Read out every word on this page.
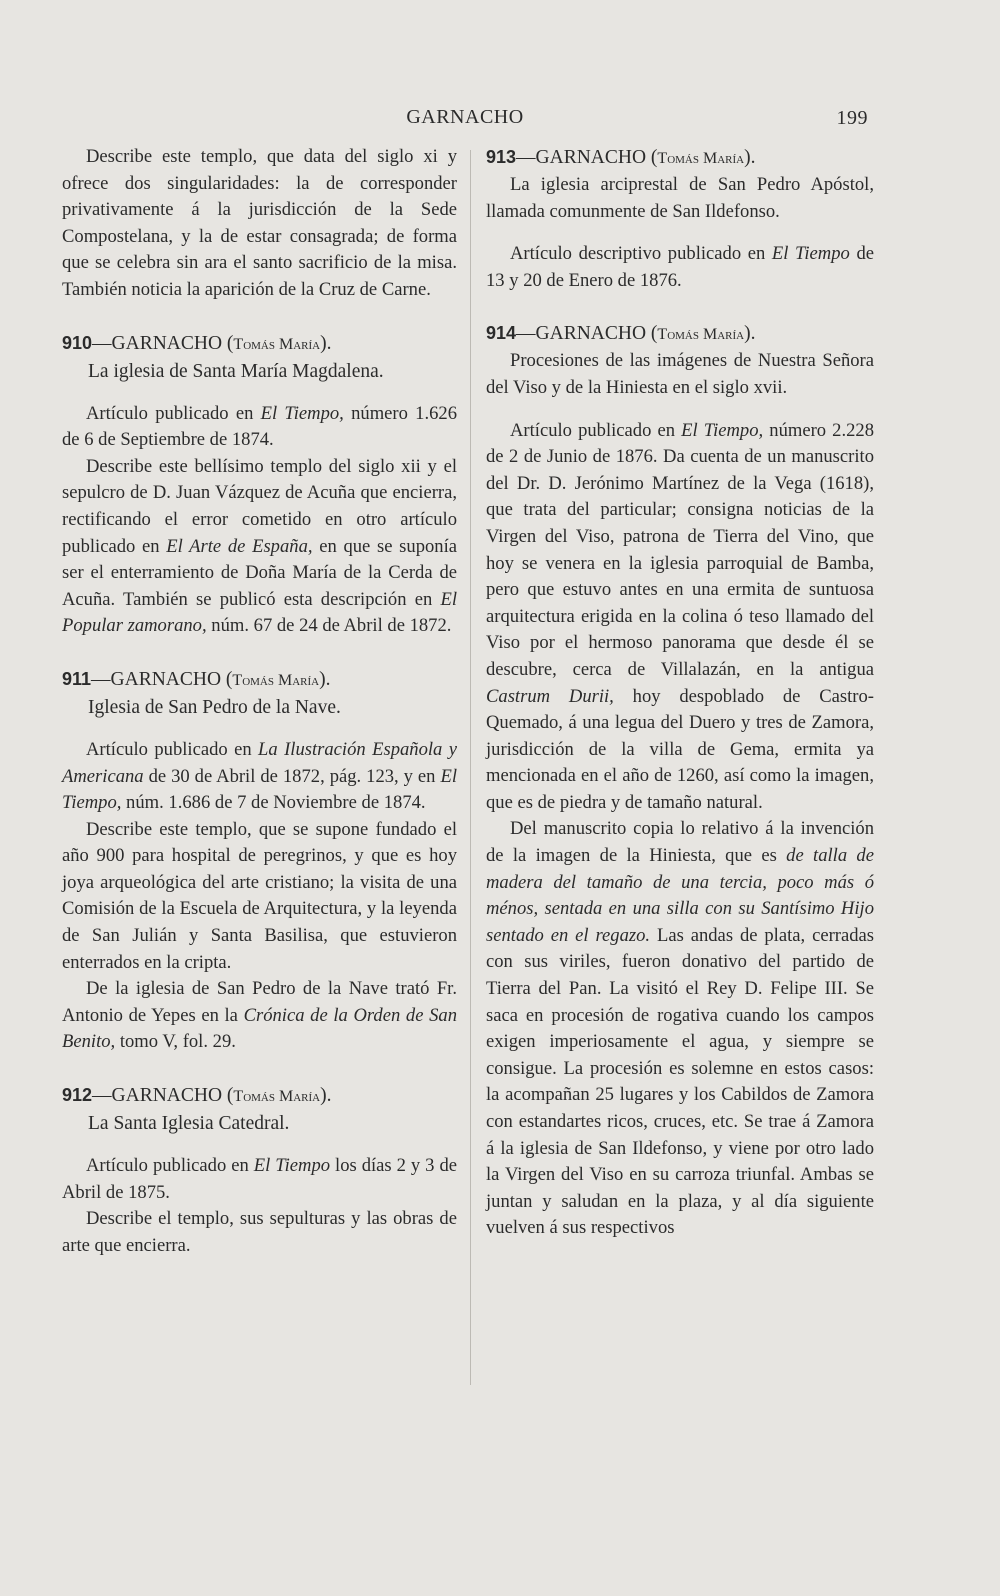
GARNACHO	199

Describe este templo, que data del siglo xi y ofrece dos singularidades: la de corresponder privativamente á la jurisdicción de la Sede Compostelana, y la de estar consagrada; de forma que se celebra sin ara el santo sacrificio de la misa. También noticia la aparición de la Cruz de Carne.

910—GARNACHO (Tomás María).
La iglesia de Santa María Magdalena.

Artículo publicado en El Tiempo, número 1.626 de 6 de Septiembre de 1874.

Describe este bellísimo templo del siglo xii y el sepulcro de D. Juan Vázquez de Acuña que encierra, rectificando el error cometido en otro artículo publicado en El Arte de España, en que se suponía ser el enterramiento de Doña María de la Cerda de Acuña. También se publicó esta descripción en El Popular zamorano, núm. 67 de 24 de Abril de 1872.

911—GARNACHO (Tomás María).
Iglesia de San Pedro de la Nave.

Artículo publicado en La Ilustración Española y Americana de 30 de Abril de 1872, pág. 123, y en El Tiempo, núm. 1.686 de 7 de Noviembre de 1874.

Describe este templo, que se supone fundado el año 900 para hospital de peregrinos, y que es hoy joya arqueológica del arte cristiano; la visita de una Comisión de la Escuela de Arquitectura, y la leyenda de San Julián y Santa Basilisa, que estuvieron enterrados en la cripta.

De la iglesia de San Pedro de la Nave trató Fr. Antonio de Yepes en la Crónica de la Orden de San Benito, tomo V, fol. 29.

912—GARNACHO (Tomás María).
La Santa Iglesia Catedral.

Artículo publicado en El Tiempo los días 2 y 3 de Abril de 1875.

Describe el templo, sus sepulturas y las obras de arte que encierra.

913—GARNACHO (Tomás María).

La iglesia arciprestal de San Pedro Apóstol, llamada comunmente de San Ildefonso.

Artículo descriptivo publicado en El Tiempo de 13 y 20 de Enero de 1876.

914—GARNACHO (Tomás María).

Procesiones de las imágenes de Nuestra Señora del Viso y de la Hiniesta en el siglo xvii.

Artículo publicado en El Tiempo, número 2.228 de 2 de Junio de 1876. Da cuenta de un manuscrito del Dr. D. Jerónimo Martínez de la Vega (1618), que trata del particular; consigna noticias de la Virgen del Viso, patrona de Tierra del Vino, que hoy se venera en la iglesia parroquial de Bamba, pero que estuvo antes en una ermita de suntuosa arquitectura erigida en la colina ó teso llamado del Viso por el hermoso panorama que desde él se descubre, cerca de Villalazán, en la antigua Castrum Durii, hoy despoblado de Castro-Quemado, á una legua del Duero y tres de Zamora, jurisdicción de la villa de Gema, ermita ya mencionada en el año de 1260, así como la imagen, que es de piedra y de tamaño natural.

Del manuscrito copia lo relativo á la invención de la imagen de la Hiniesta, que es de talla de madera del tamaño de una tercia, poco más ó ménos, sentada en una silla con su Santísimo Hijo sentado en el regazo. Las andas de plata, cerradas con sus viriles, fueron donativo del partido de Tierra del Pan. La visitó el Rey D. Felipe III. Se saca en procesión de rogativa cuando los campos exigen imperiosamente el agua, y siempre se consigue. La procesión es solemne en estos casos: la acompañan 25 lugares y los Cabildos de Zamora con estandartes ricos, cruces, etc. Se trae á Zamora á la iglesia de San Ildefonso, y viene por otro lado la Virgen del Viso en su carroza triunfal. Ambas se juntan y saludan en la plaza, y al día siguiente vuelven á sus respectivos
